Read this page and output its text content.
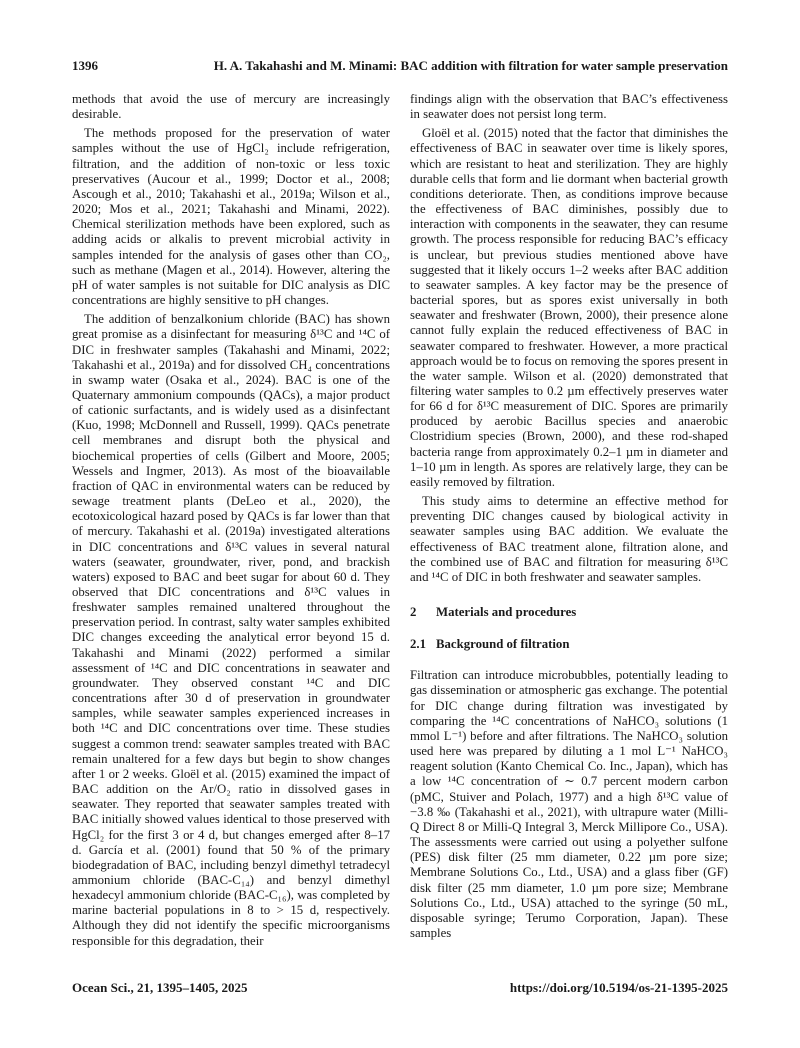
1396	H. A. Takahashi and M. Minami: BAC addition with filtration for water sample preservation

methods that avoid the use of mercury are increasingly desirable.

The methods proposed for the preservation of water samples without the use of HgCl₂ include refrigeration, filtration, and the addition of non-toxic or less toxic preservatives (Aucour et al., 1999; Doctor et al., 2008; Ascough et al., 2010; Takahashi et al., 2019a; Wilson et al., 2020; Mos et al., 2021; Takahashi and Minami, 2022). Chemical sterilization methods have been explored, such as adding acids or alkalis to prevent microbial activity in samples intended for the analysis of gases other than CO₂, such as methane (Magen et al., 2014). However, altering the pH of water samples is not suitable for DIC analysis as DIC concentrations are highly sensitive to pH changes.

The addition of benzalkonium chloride (BAC) has shown great promise as a disinfectant for measuring δ¹³C and ¹⁴C of DIC in freshwater samples (Takahashi and Minami, 2022; Takahashi et al., 2019a) and for dissolved CH₄ concentrations in swamp water (Osaka et al., 2024). BAC is one of the Quaternary ammonium compounds (QACs), a major product of cationic surfactants, and is widely used as a disinfectant (Kuo, 1998; McDonnell and Russell, 1999). QACs penetrate cell membranes and disrupt both the physical and biochemical properties of cells (Gilbert and Moore, 2005; Wessels and Ingmer, 2013). As most of the bioavailable fraction of QAC in environmental waters can be reduced by sewage treatment plants (DeLeo et al., 2020), the ecotoxicological hazard posed by QACs is far lower than that of mercury. Takahashi et al. (2019a) investigated alterations in DIC concentrations and δ¹³C values in several natural waters (seawater, groundwater, river, pond, and brackish waters) exposed to BAC and beet sugar for about 60 d. They observed that DIC concentrations and δ¹³C values in freshwater samples remained unaltered throughout the preservation period. In contrast, salty water samples exhibited DIC changes exceeding the analytical error beyond 15 d. Takahashi and Minami (2022) performed a similar assessment of ¹⁴C and DIC concentrations in seawater and groundwater. They observed constant ¹⁴C and DIC concentrations after 30 d of preservation in groundwater samples, while seawater samples experienced increases in both ¹⁴C and DIC concentrations over time. These studies suggest a common trend: seawater samples treated with BAC remain unaltered for a few days but begin to show changes after 1 or 2 weeks. Gloël et al. (2015) examined the impact of BAC addition on the Ar/O₂ ratio in dissolved gases in seawater. They reported that seawater samples treated with BAC initially showed values identical to those preserved with HgCl₂ for the first 3 or 4 d, but changes emerged after 8–17 d. García et al. (2001) found that 50 % of the primary biodegradation of BAC, including benzyl dimethyl tetradecyl ammonium chloride (BAC-C₁₄) and benzyl dimethyl hexadecyl ammonium chloride (BAC-C₁₆), was completed by marine bacterial populations in 8 to > 15 d, respectively. Although they did not identify the specific microorganisms responsible for this degradation, their

findings align with the observation that BAC’s effectiveness in seawater does not persist long term.

Gloël et al. (2015) noted that the factor that diminishes the effectiveness of BAC in seawater over time is likely spores, which are resistant to heat and sterilization. They are highly durable cells that form and lie dormant when bacterial growth conditions deteriorate. Then, as conditions improve because the effectiveness of BAC diminishes, possibly due to interaction with components in the seawater, they can resume growth. The process responsible for reducing BAC’s efficacy is unclear, but previous studies mentioned above have suggested that it likely occurs 1–2 weeks after BAC addition to seawater samples. A key factor may be the presence of bacterial spores, but as spores exist universally in both seawater and freshwater (Brown, 2000), their presence alone cannot fully explain the reduced effectiveness of BAC in seawater compared to freshwater. However, a more practical approach would be to focus on removing the spores present in the water sample. Wilson et al. (2020) demonstrated that filtering water samples to 0.2 µm effectively preserves water for 66 d for δ¹³C measurement of DIC. Spores are primarily produced by aerobic Bacillus species and anaerobic Clostridium species (Brown, 2000), and these rod-shaped bacteria range from approximately 0.2–1 µm in diameter and 1–10 µm in length. As spores are relatively large, they can be easily removed by filtration.

This study aims to determine an effective method for preventing DIC changes caused by biological activity in seawater samples using BAC addition. We evaluate the effectiveness of BAC treatment alone, filtration alone, and the combined use of BAC and filtration for measuring δ¹³C and ¹⁴C of DIC in both freshwater and seawater samples.

2 Materials and procedures

2.1 Background of filtration

Filtration can introduce microbubbles, potentially leading to gas dissemination or atmospheric gas exchange. The potential for DIC change during filtration was investigated by comparing the ¹⁴C concentrations of NaHCO₃ solutions (1 mmol L⁻¹) before and after filtrations. The NaHCO₃ solution used here was prepared by diluting a 1 mol L⁻¹ NaHCO₃ reagent solution (Kanto Chemical Co. Inc., Japan), which has a low ¹⁴C concentration of ∼ 0.7 percent modern carbon (pMC, Stuiver and Polach, 1977) and a high δ¹³C value of −3.8 ‰ (Takahashi et al., 2021), with ultrapure water (Milli-Q Direct 8 or Milli-Q Integral 3, Merck Millipore Co., USA). The assessments were carried out using a polyether sulfone (PES) disk filter (25 mm diameter, 0.22 µm pore size; Membrane Solutions Co., Ltd., USA) and a glass fiber (GF) disk filter (25 mm diameter, 1.0 µm pore size; Membrane Solutions Co., Ltd., USA) attached to the syringe (50 mL, disposable syringe; Terumo Corporation, Japan). These samples

Ocean Sci., 21, 1395–1405, 2025	https://doi.org/10.5194/os-21-1395-2025
